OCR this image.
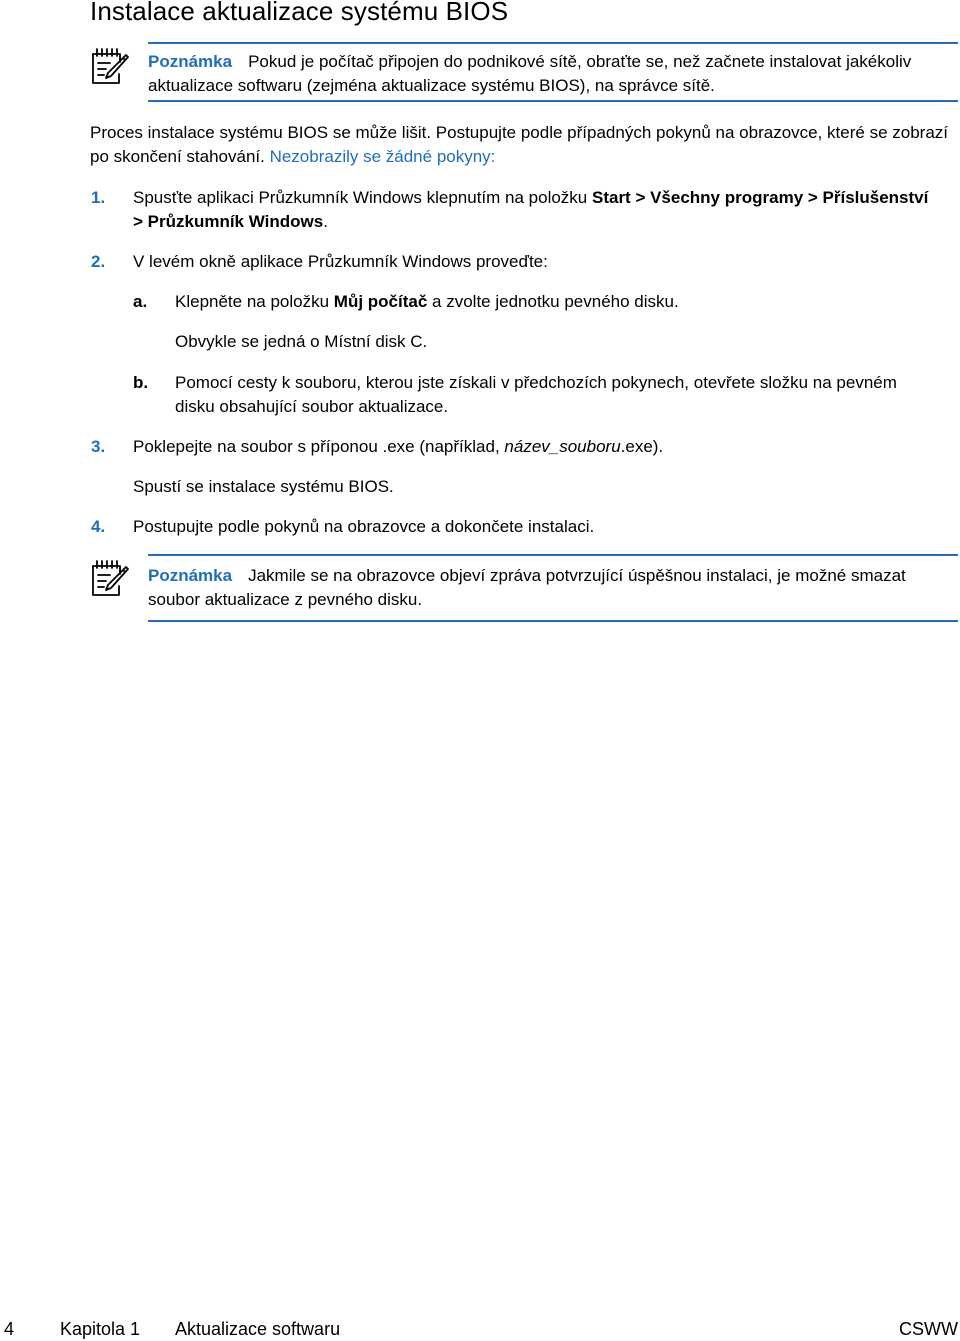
Instalace aktualizace systému BIOS
Poznámka Pokud je počítač připojen do podnikové sítě, obraťte se, než začnete instalovat jakékoliv aktualizace softwaru (zejména aktualizace systému BIOS), na správce sítě.

Proces instalace systému BIOS se může lišit. Postupujte podle případných pokynů na obrazovce, které se zobrazí po skončení stahování. Nezobrazily se žádné pokyny:

1. Spusťte aplikaci Průzkumník Windows klepnutím na položku Start > Všechny programy > Příslušenství > Průzkumník Windows.
2. V levém okně aplikace Průzkumník Windows proveďte:
a. Klepněte na položku Můj počítač a zvolte jednotku pevného disku.
Obvykle se jedná o Místní disk C.
b. Pomocí cesty k souboru, kterou jste získali v předchozích pokynech, otevřete složku na pevném disku obsahující soubor aktualizace.
3. Poklepejte na soubor s příponou .exe (například, název_souboru.exe).
Spustí se instalace systému BIOS.
4. Postupujte podle pokynů na obrazovce a dokončete instalaci.
Poznámka Jakmile se na obrazovce objeví zpráva potvrzující úspěšnou instalaci, je možné smazat soubor aktualizace z pevného disku.
4	Kapitola 1 Aktualizace softwaru	CSWW
